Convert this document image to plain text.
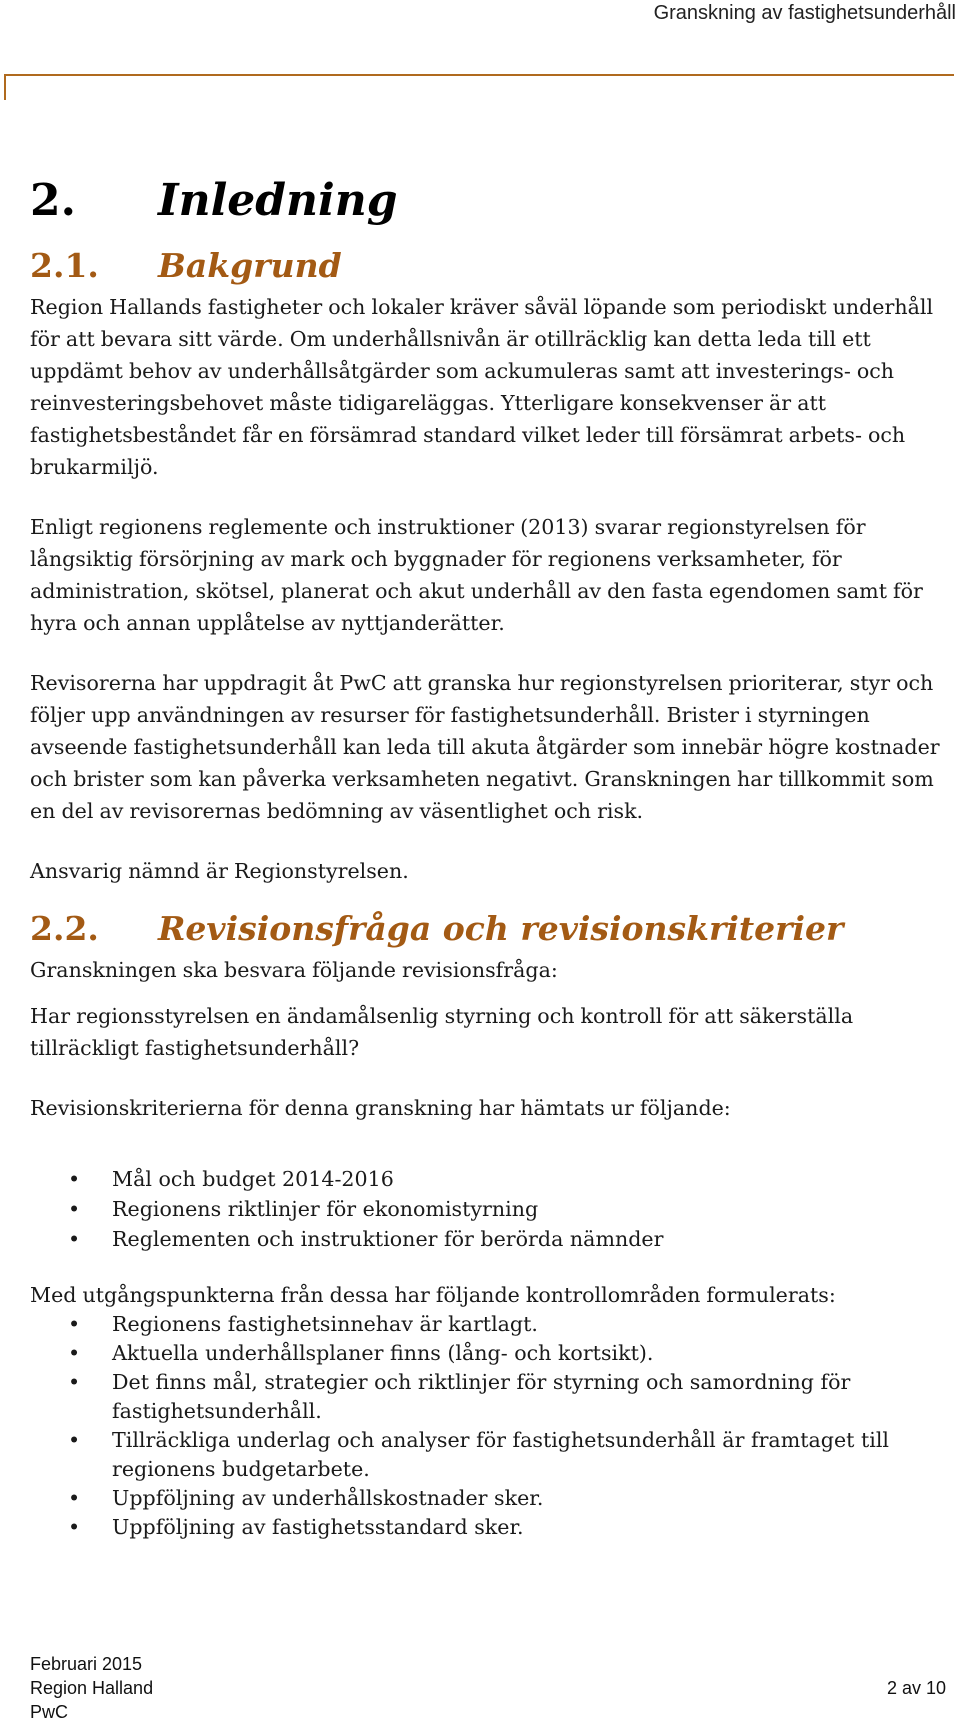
Granskning av fastighetsunderhåll
2.	Inledning
2.1.	Bakgrund

Region Hallands fastigheter och lokaler kräver såväl löpande som periodiskt underhåll för att bevara sitt värde. Om underhållsnivån är otillräcklig kan detta leda till ett uppdämt behov av underhållsåtgärder som ackumuleras samt att investerings- och reinvesteringsbehovet måste tidigareläggas. Ytterligare konsekvenser är att fastighetsbeståndet får en försämrad standard vilket leder till försämrat arbets- och brukarmiljö.

Enligt regionens reglemente och instruktioner (2013) svarar regionstyrelsen för långsiktig försörjning av mark och byggnader för regionens verksamheter, för administration, skötsel, planerat och akut underhåll av den fasta egendomen samt för hyra och annan upplåtelse av nyttjanderätter.

Revisorerna har uppdragit åt PwC att granska hur regionstyrelsen prioriterar, styr och följer upp användningen av resurser för fastighetsunderhåll. Brister i styrningen avseende fastighetsunderhåll kan leda till akuta åtgärder som innebär högre kostnader och brister som kan påverka verksamheten negativt. Granskningen har tillkommit som en del av revisorernas bedömning av väsentlighet och risk.

Ansvarig nämnd är Regionstyrelsen.

2.2.	Revisionsfråga och revisionskriterier

Granskningen ska besvara följande revisionsfråga:

Har regionsstyrelsen en ändamålsenlig styrning och kontroll för att säkerställa tillräckligt fastighetsunderhåll?

Revisionskriterierna för denna granskning har hämtats ur följande:

• Mål och budget 2014-2016
• Regionens riktlinjer för ekonomistyrning
• Reglementen och instruktioner för berörda nämnder

Med utgångspunkterna från dessa har följande kontrollområden formulerats:

• Regionens fastighetsinnehav är kartlagt.
• Aktuella underhållsplaner finns (lång- och kortsikt).
• Det finns mål, strategier och riktlinjer för styrning och samordning för fastighetsunderhåll.
• Tillräckliga underlag och analyser för fastighetsunderhåll är framtaget till regionens budgetarbete.
• Uppföljning av underhållskostnader sker.
• Uppföljning av fastighetsstandard sker.
Februari 2015
Region Halland
PwC
2 av 10
